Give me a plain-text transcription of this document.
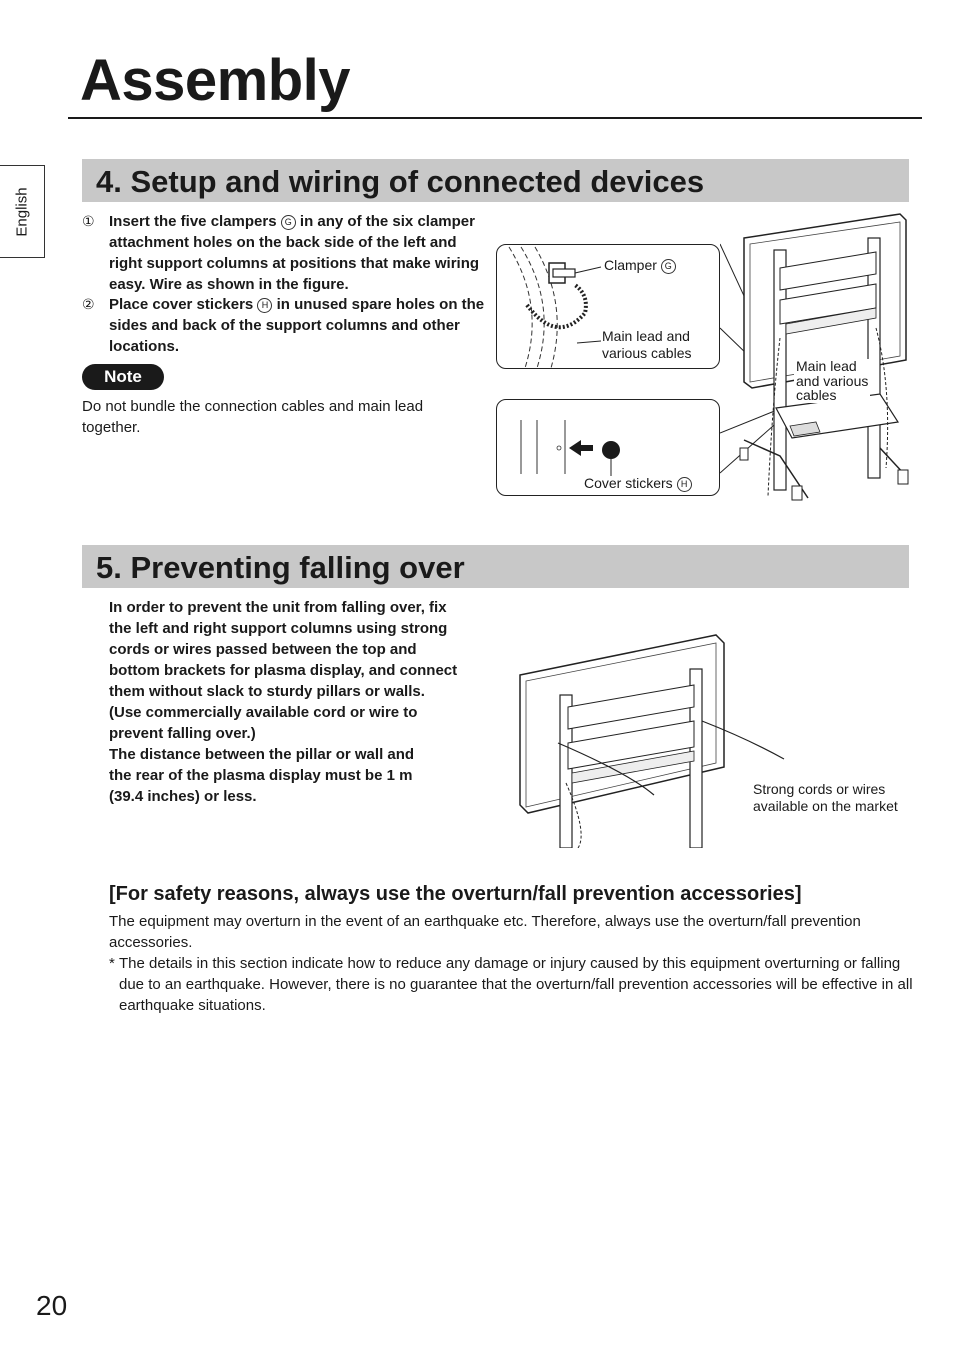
Assembly
English
4. Setup and wiring of connected devices
① Insert the five clampers G in any of the six clamper attachment holes on the back side of the left and right support columns at positions that make wiring easy. Wire as shown in the figure.
② Place cover stickers H in unused spare holes on the sides and back of the support columns and other locations.
Note
Do not bundle the connection cables and main lead together.
Clamper G
Main lead and
various cables
Cover stickers H
Main lead
and various
cables
5. Preventing falling over
In order to prevent the unit from falling over, fix
the left and right support columns using strong
cords or wires passed between the top and
bottom brackets for plasma display, and connect
them without slack to sturdy pillars or walls.
(Use commercially available cord or wire to
prevent falling over.)
The distance between the pillar or wall and
the rear of the plasma display must be 1 m
(39.4 inches) or less.	Strong cords or wires
available on the market
[For safety reasons, always use the overturn/fall prevention accessories]
The equipment may overturn in the event of an earthquake etc. Therefore, always use the overturn/fall prevention accessories.
* The details in this section indicate how to reduce any damage or injury caused by this equipment overturning or falling due to an earthquake. However, there is no guarantee that the overturn/fall prevention accessories will be effective in all earthquake situations.
20
